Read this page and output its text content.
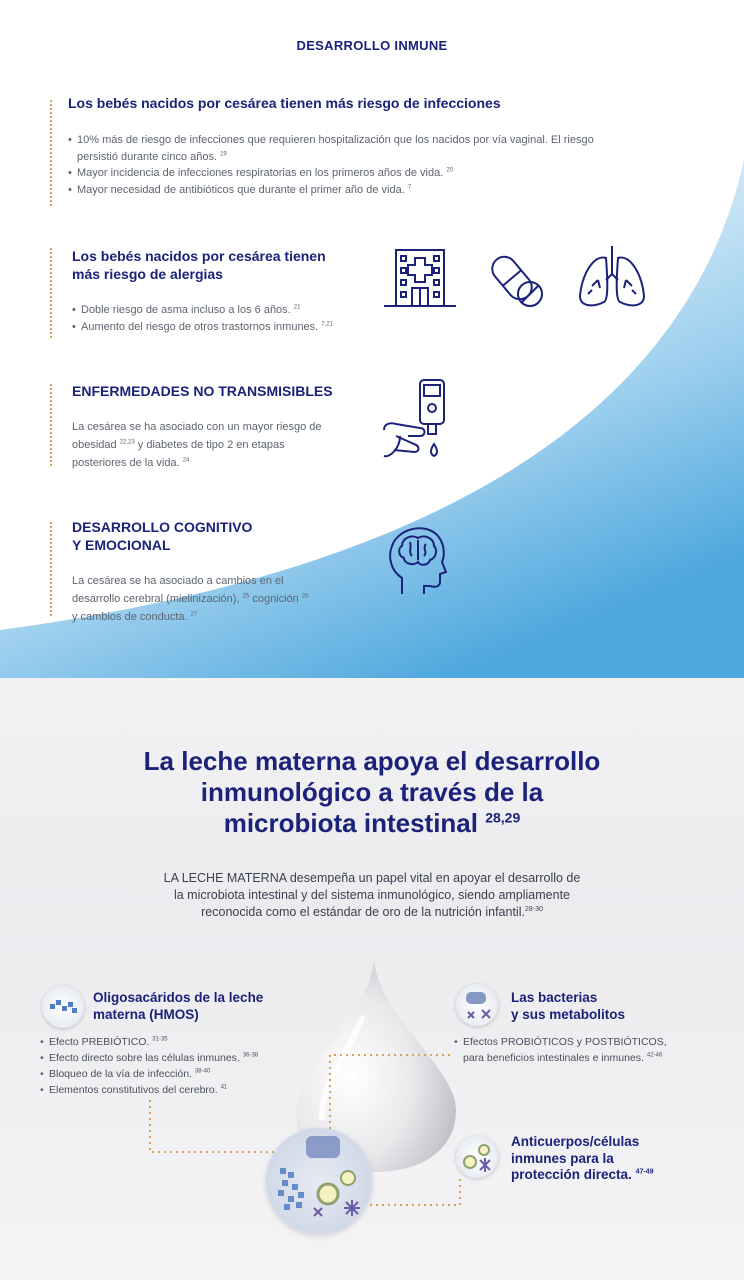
DESARROLLO INMUNE
Los bebés nacidos por cesárea tienen más riesgo de infecciones
• 10% más de riesgo de infecciones que requieren hospitalización que los nacidos por vía vaginal. El riesgo
persistió durante cinco años. $^{19}$
• Mayor incidencia de infecciones respiratorias en los primeros años de vida. $^{20}$
• Mayor necesidad de antibióticos que durante el primer año de vida. $^7$
Los bebés nacidos por cesárea tienen
más riesgo de alergias
• Doble riesgo de asma incluso a los 6 años. $^{21}$
• Aumento del riesgo de otros trastornos inmunes. $^{7,21}$
ENFERMEDADES NO TRANSMISIBLES
La cesárea se ha asociado con un mayor riesgo de
obesidad $^{22,23}$ y diabetes de tipo 2 en etapas
posteriores de la vida. $^{24}$
DESARROLLO COGNITIVO
Y EMOCIONAL
La cesárea se ha asociado a cambios en el
desarrollo cerebral (mielinización), $^{25}$ cognición $^{26}$
y cambios de conducta. $^{27}$
La leche materna apoya el desarrollo
inmunológico a través de la
microbiota intestinal $^{28,29}$
LA LECHE MATERNA desempeña un papel vital en apoyar el desarrollo de
la microbiota intestinal y del sistema inmunológico, siendo ampliamente
reconocida como el estándar de oro de la nutrición infantil.$^{28-30}$
Oligosacáridos de la leche
materna (HMOS)
• Efecto PREBIÓTICO. $^{31-35}$
• Efecto directo sobre las células inmunes. $^{36-38}$
• Bloqueo de la vía de infección. $^{38-40}$
• Elementos constitutivos del cerebro. $^{41}$
Las bacterias
y sus metabolitos
• Efectos PROBIÓTICOS y POSTBIÓTICOS,
para beneficios intestinales e inmunes. $^{42-46}$
Anticuerpos/células
inmunes para la
protección directa. $^{47-49}$
